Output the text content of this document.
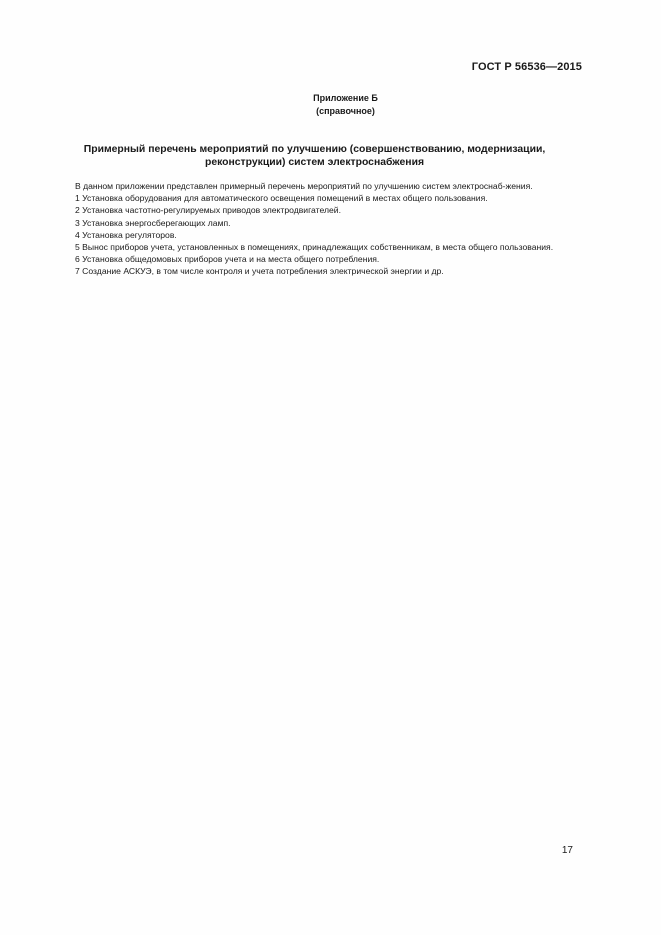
ГОСТ Р 56536—2015
Приложение Б
(справочное)
Примерный перечень мероприятий по улучшению (совершенствованию, модернизации,
реконструкции) систем электроснабжения

В данном приложении представлен примерный перечень мероприятий по улучшению систем электроснаб-жения.

1 Установка оборудования для автоматического освещения помещений в местах общего пользования.

2 Установка частотно-регулируемых приводов электродвигателей.

3 Установка энергосберегающих ламп.

4 Установка регуляторов.

5 Вынос приборов учета, установленных в помещениях, принадлежащих собственникам, в места общего пользования.

6 Установка общедомовых приборов учета и на места общего потребления.

7 Создание АСКУЭ, в том числе контроля и учета потребления электрической энергии и др.

17
